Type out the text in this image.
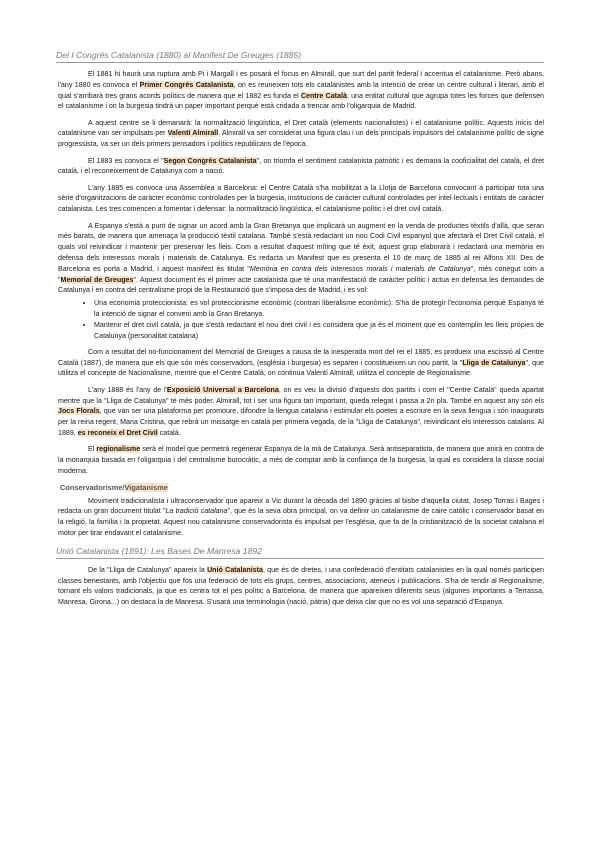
Del I Congrés Catalanista (1880) al Manifest De Greuges (1885)

El 1881 hi haurà una ruptura amb Pi i Margall i es posarà el focus en Almirall, que surt del partit federal i accentua el catalanisme. Però abans, l'any 1880 es convoca el Primer Congrés Catalanista, on es reuneixen tots els catalanistes amb la intenció de crear un centre cultural i literari, amb el qual s'arribarà tres grans acords polítics de manera que el 1882 es funda el Centre Català: una entitat cultural que agrupa totes les forces que defensen el catalanisme i on la burgesia tindrà un paper important perquè està cridada a trencar amb l'oligarquia de Madrid.

A aquest centre se li demanarà: la normalització lingüística, el Dret català (elements nacionalistes) i el catalanisme polític. Aquests inicis del catalanisme van ser impulsats per Valentí Almirall. Almirall va ser considerat una figura clau i un dels principals impulsors del catalanisme polític de signe progressista, va ser un dels primers pensadors i polítics republicans de l'època.

El 1883 es convoca el "Segon Congrés Catalanista", on triomfa el sentiment catalanista patriòtic i es demana la cooficialitat del català, el dret català, i el reconeixement de Catalunya com a nació.

L'any 1885 es convoca una Assemblea a Barcelona: el Centre Català s'ha mobilitzat a la Llotja de Barcelona convocant a participar tota una sèrie d'organitzacions de caràcter econòmic controlades per la burgesia, institucions de caràcter cultural controlades per intel·lectuals i entitats de caràcter catalanista. Les tres comencen a fomentar i defensar: la normalització lingüística, el catalanisme polític i el dret civil català.

A Espanya s'està a punt de signar un acord amb la Gran Bretanya que implicarà un augment en la venda de productes tèxtils d'allà, que seran més barats, de manera que amenaça la producció tèxtil catalana. També s'està redactant un nou Codi Civil espanyol que afectarà el Dret Civil català, el quals vol reivindicar i mantenir per preservar les lleis. Com a resultat d'aquest míting que té èxit, aquest grup elaborarà i redactarà una memòria en defensa dels interessos morals i materials de Catalunya. Es redacta un Manifest que es presenta el 10 de març de 1885 al rei Alfons XII. Des de Barcelona es porta a Madrid, i aquest manifest és titulat "Memòria en contra dels interessos morals i materials de Catalunya", més conegut com a "Memorial de Greuges". Aquest document és el primer acte catalanista que té una manifestació de caràcter polític i actua en defensa les demandes de Catalunya i en contra del centralisme propi de la Restauració que s'imposa des de Madrid, i es vol:

• Una economia proteccionista: es vol proteccionisme econòmic (contrari liberalisme econòmic). S'ha de protegir l'economia perquè Espanya té la intenció de signar el conveni amb la Gran Bretanya.
• Mantenir el dret civil català, ja que s'està redactant el nou dret civil i es considera que ja és el moment que es contemplin les lleis pròpies de Catalunya (personalitat catalana)

Com a resultat del no-funcionament del Memorial de Greuges a causa de la inesperada mort del rei el 1885, es produeix una escissió al Centre Català (1887), de manera que els que són més conservadors, (església i burgesia) es separen i constitueixen un nou partit, la "Lliga de Catalunya", que utilitza el concepte de Nacionalisme, mentre que el Centre Català, on continua Valentí Almirall, utilitza el concepte de Regionalisme.

L'any 1888 és l'any de l'Exposició Universal a Barcelona, on es veu la divisió d'aquests dos partits i com el "Centre Català" queda apartat mentre que la "Lliga de Catalunya" té més poder. Almirall, tot i ser una figura tan important, queda relegat i passa a 2n pla. També en aquest any són els Jocs Florals, que van ser una plataforma per promoure, difondre la llengua catalana i estimular els poetes a escriure en la seva llengua i són inaugurats per la reina regent, Maria Cristina, que rebrà un missatge en català per primera vegada, de la "Lliga de Catalunya", reivindicant els interessos catalans. Al 1889, es reconeix el Dret Civil català.

El regionalisme serà el model que permetrà regenerar Espanya de la mà de Catalunya. Serà antiseparatista, de manera que anirà en contra de la monarquia basada en l'oligarquia i del centralisme burocràtic, a més de comptar amb la confiança de la burgesia, la qual es considera la classe social moderna.

Conservadorisme/Vigatanisme

Moviment tradicionalista i ultraconservador que apareix a Vic durant la dècada del 1890 gràcies al bisbe d'aquella ciutat, Josep Torras i Bages i redacta un gran document titulat "La tradició catalana", que és la seva obra principal, on va definir un catalanisme de caire catòlic i conservador basat en la religió, la família i la propietat. Aquest nou catalanisme conservadorista és impulsat per l'església, que fa de la cristianització de la societat catalana el motor per tirar endavant el catalanisme.

Unió Catalanista (1891): Les Bases De Manresa 1892

De la "Lliga de Catalunya" apareix la Unió Catalanista, que és de dretes, i una confederació d'entitats catalanistes en la qual només participen classes benestants, amb l'objectiu que fos una federació de tots els grups, centres, associacions, ateneus i publicacions. S'ha de tendir al Regionalisme, tornant els valors tradicionals, ja que es centra tot el pes polític a Barcelona, de manera que apareixen diferents seus (algunes importants a Terrassa, Manresa, Girona...) on destaca la de Manresa. S'usarà una terminologia (nació, pàtria) que deixa clar que no es vol una separació d'Espanya.
